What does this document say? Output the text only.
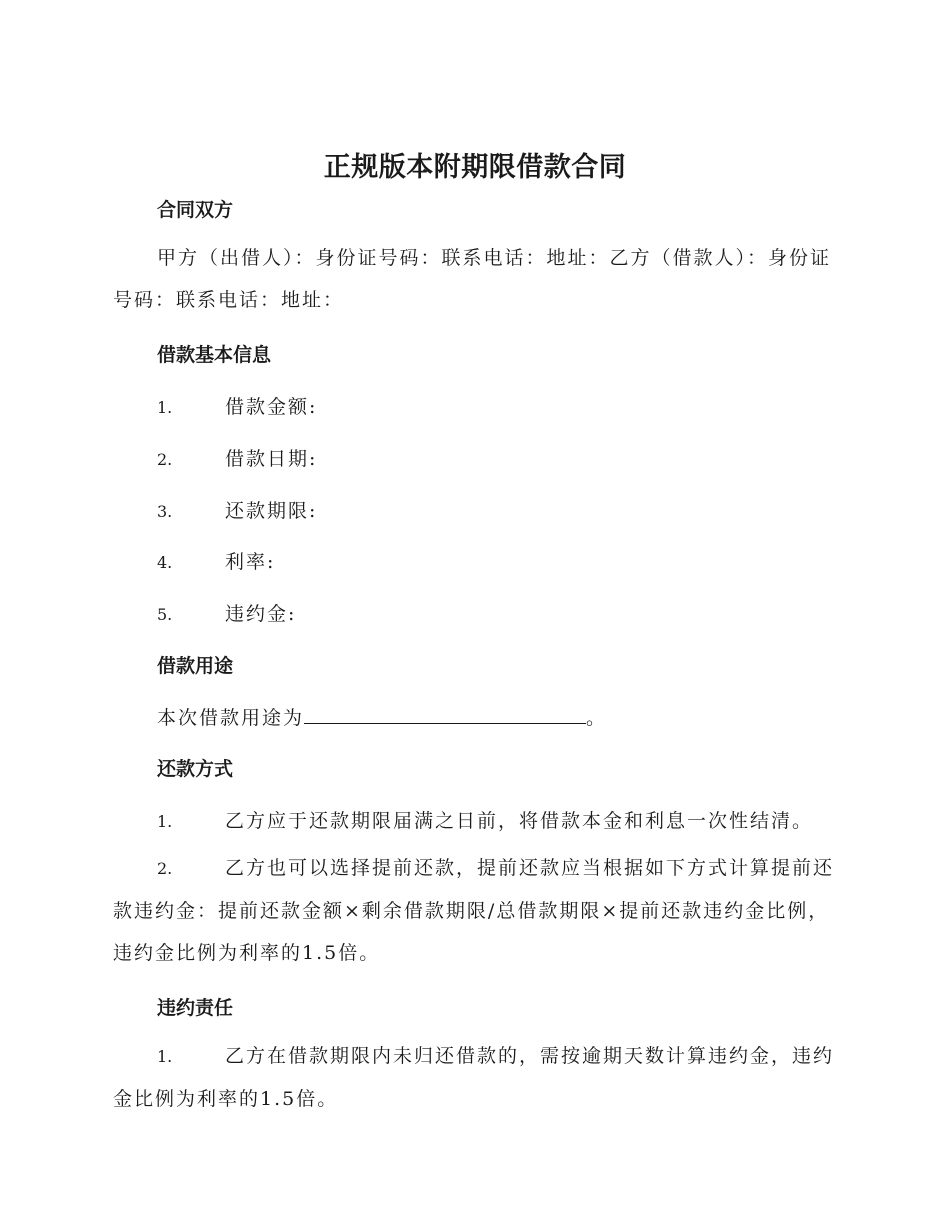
正规版本附期限借款合同
合同双方

甲方（出借人）：身份证号码：联系电话：地址：乙方（借款人）：身份证号码：联系电话：地址：

借款基本信息

1.	借款金额:

2.	借款日期:

3.	还款期限:

4.	利率:

5.	违约金:

借款用途

本次借款用途为	。

还款方式

1.	乙方应于还款期限届满之日前，将借款本金和利息一次性结清。

2.	乙方也可以选择提前还款，提前还款应当根据如下方式计算提前还款违约金：提前还款金额×剩余借款期限/总借款期限×提前还款违约金比例，违约金比例为利率的1.5倍。

违约责任

1.	乙方在借款期限内未归还借款的，需按逾期天数计算违约金，违约金比例为利率的1.5倍。
